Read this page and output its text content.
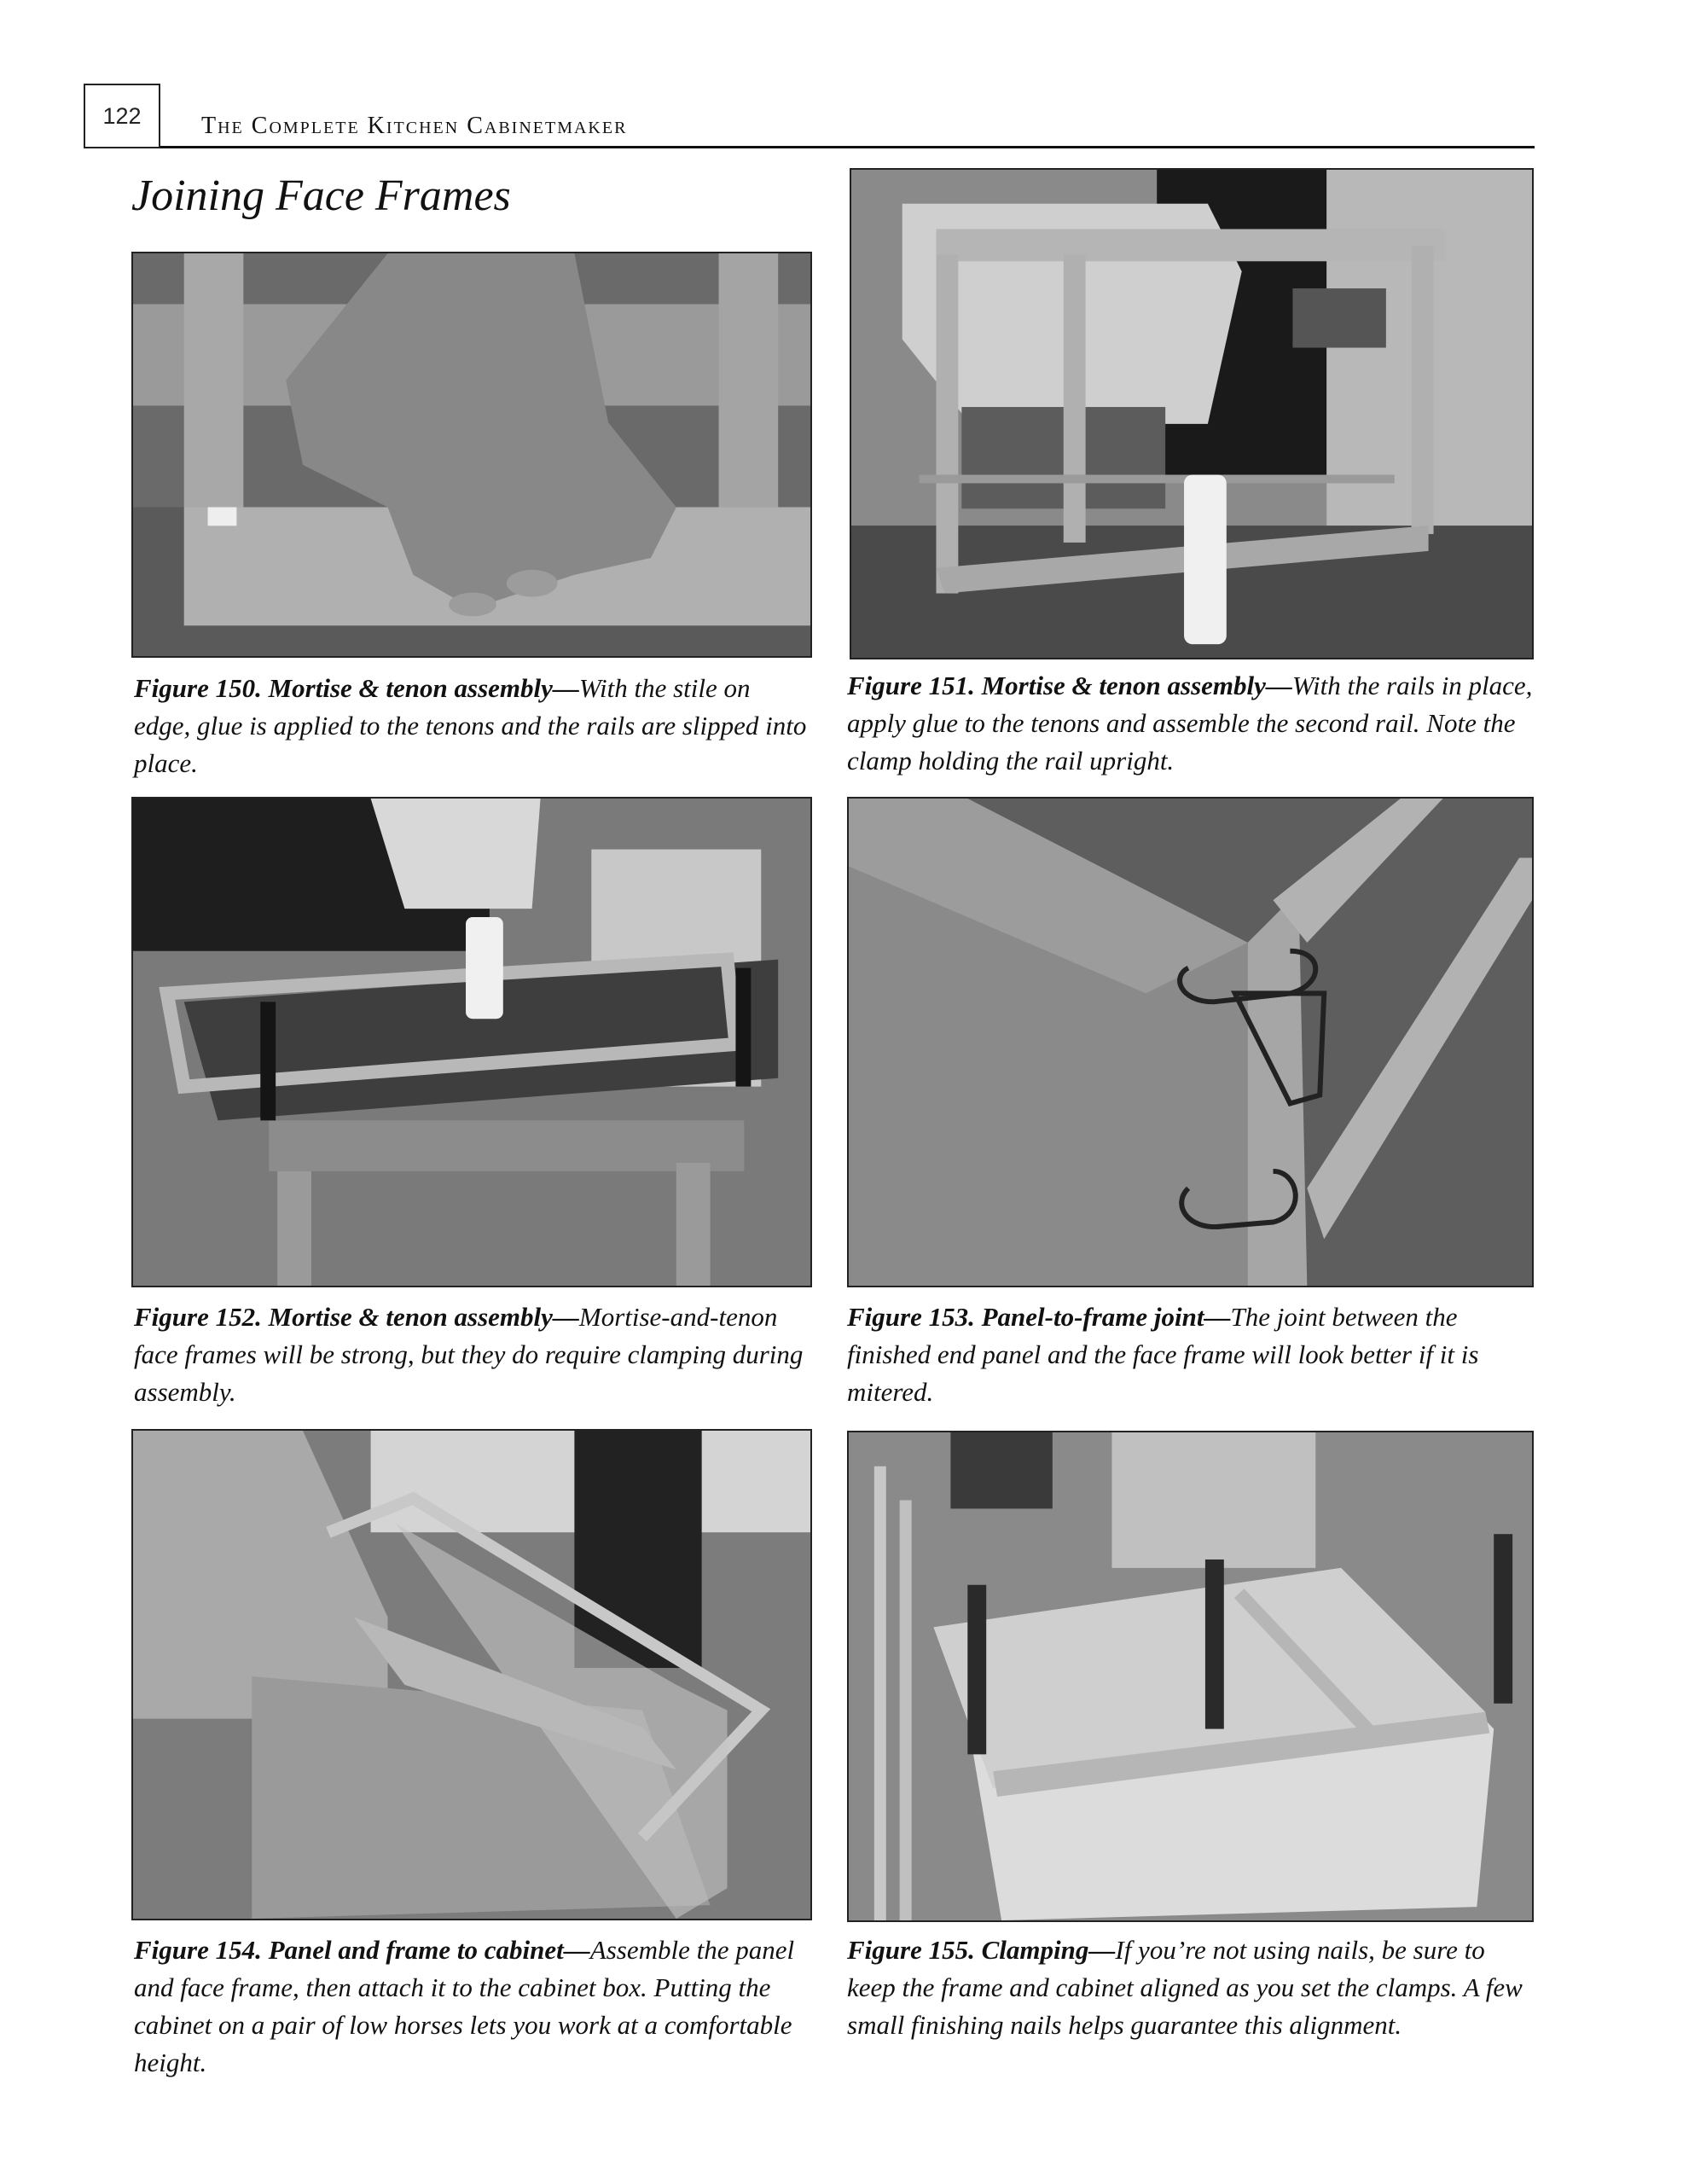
122	The Complete Kitchen Cabinetmaker
Joining Face Frames
Figure 150. Mortise & tenon assembly—With the stile on edge, glue is applied to the tenons and the rails are slipped into place.
Figure 151. Mortise & tenon assembly—With the rails in place, apply glue to the tenons and assemble the second rail. Note the clamp holding the rail upright.
Figure 152. Mortise & tenon assembly—Mortise-and-tenon face frames will be strong, but they do require clamping during assembly.
Figure 153. Panel-to-frame joint—The joint between the finished end panel and the face frame will look better if it is mitered.
Figure 154. Panel and frame to cabinet—Assemble the panel and face frame, then attach it to the cabinet box. Putting the cabinet on a pair of low horses lets you work at a comfortable height.
Figure 155. Clamping—If you’re not using nails, be sure to keep the frame and cabinet aligned as you set the clamps. A few small finishing nails helps guarantee this alignment.
